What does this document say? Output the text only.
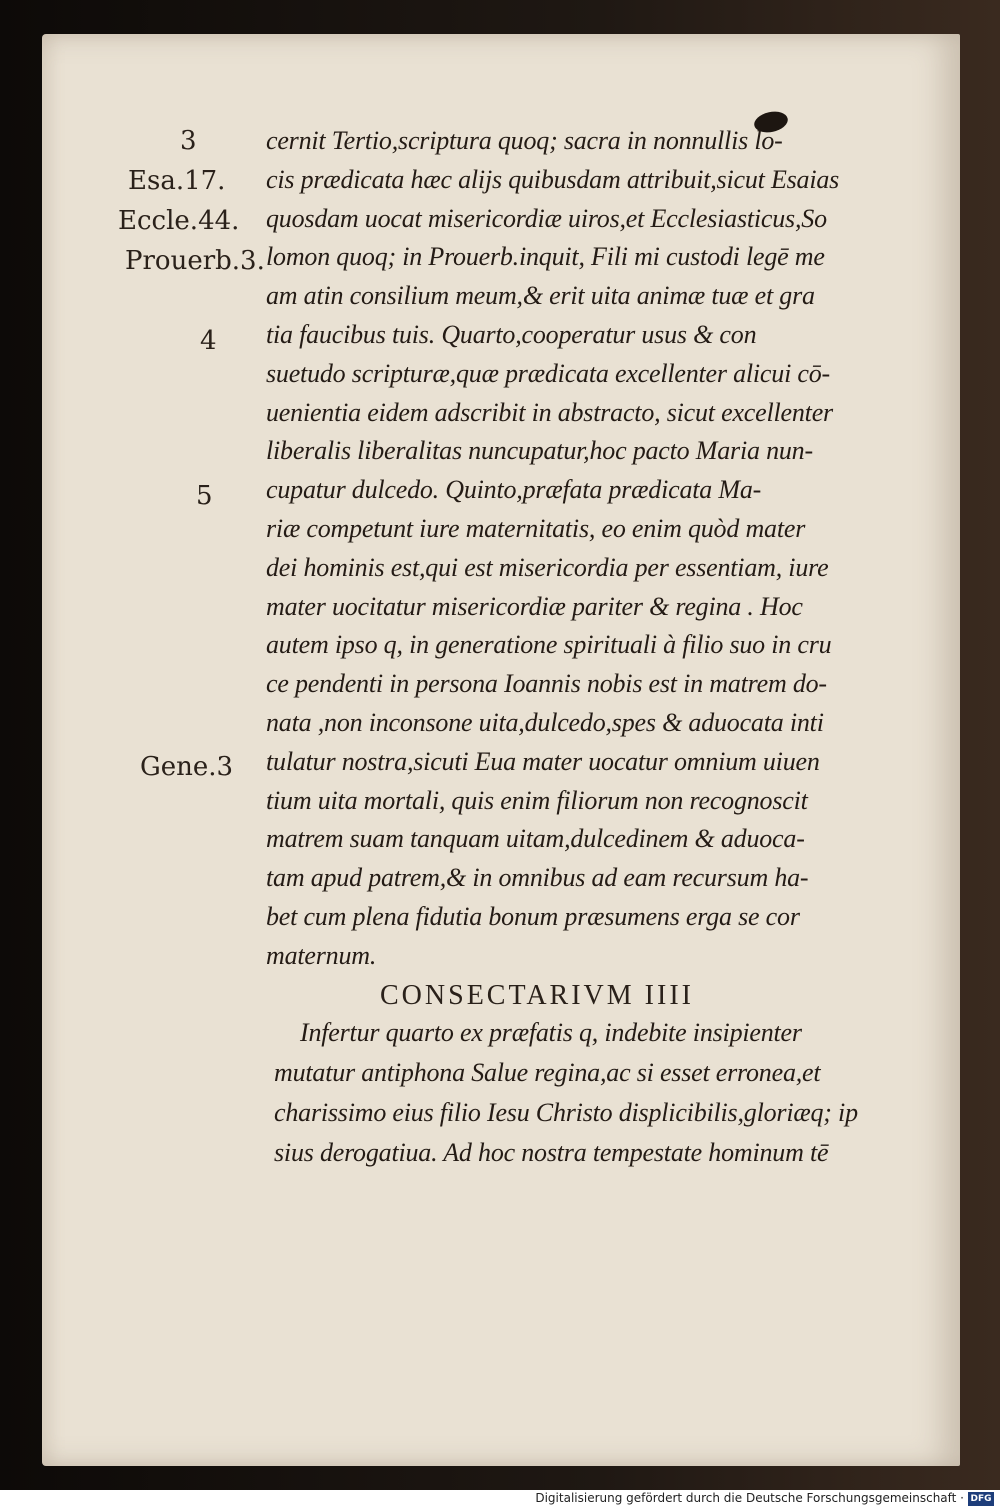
3
Esa.17.
Eccle.44.
Prouerb.3.
4
5
Gene.3
cernit Tertio,scriptura quoq; sacra in nonnullis lo-
cis prædicata hæc alijs quibusdam attribuit,sicut Esaias
quosdam uocat misericordiæ uiros,et Ecclesiasticus,So
lomon quoq; in Prouerb.inquit, Fili mi custodi legē me
am atin consilium meum,& erit uita animæ tuæ et gra
tia faucibus tuis. Quarto,cooperatur usus & con
suetudo scripturæ,quæ prædicata excellenter alicui cō-
uenientia eidem adscribit in abstracto, sicut excellenter
liberalis liberalitas nuncupatur,hoc pacto Maria nun-
cupatur dulcedo. Quinto,præfata prædicata Ma-
riæ competunt iure maternitatis, eo enim quòd mater
dei hominis est,qui est misericordia per essentiam, iure
mater uocitatur misericordiæ pariter & regina . Hoc
autem ipso q, in generatione spirituali à filio suo in cru
ce pendenti in persona Ioannis nobis est in matrem do-
nata ,non inconsone uita,dulcedo,spes & aduocata inti
tulatur nostra,sicuti Eua mater uocatur omnium uiuen
tium uita mortali, quis enim filiorum non recognoscit
matrem suam tanquam uitam,dulcedinem & aduoca-
tam apud patrem,& in omnibus ad eam recursum ha-
bet cum plena fidutia bonum præsumens erga se cor
maternum.
Infertur quarto ex præfatis q, indebite insipienter
mutatur antiphona Salue regina,ac si esset erronea,et
charissimo eius filio Iesu Christo displicibilis,gloriæq; ip
sius derogatiua. Ad hoc nostra tempestate hominum tē
CONSECTARIVM IIII
Digitalisierung gefördert durch die Deutsche Forschungsgemeinschaft · DFG
